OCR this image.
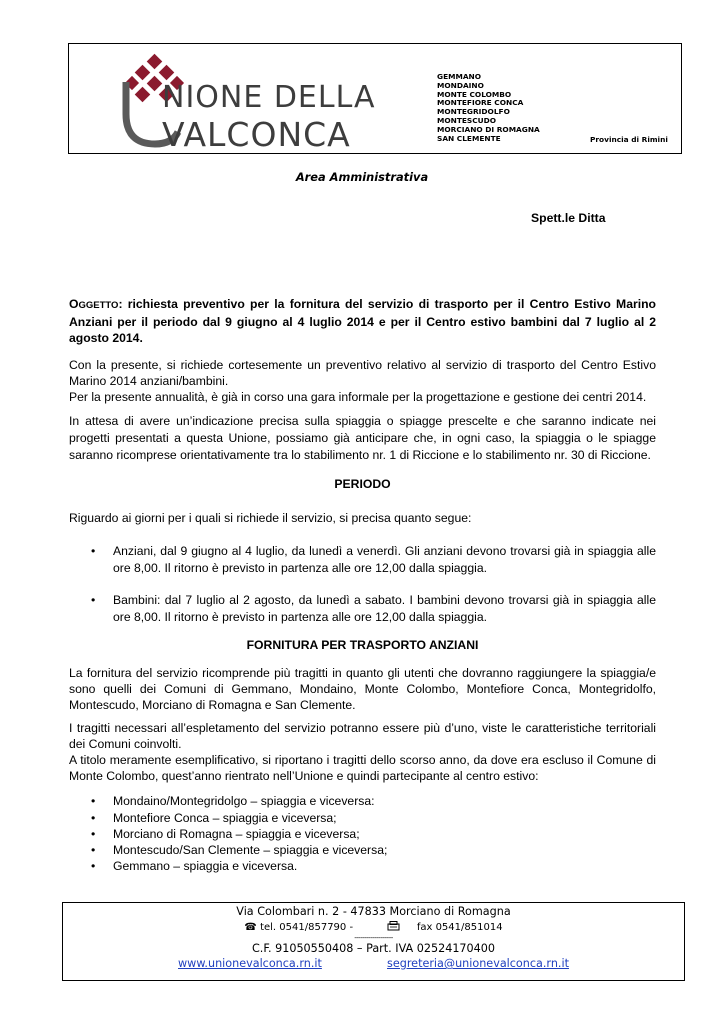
NIONE DELLA
VALCONCA
GEMMANO
MONDAINO
MONTE COLOMBO
MONTEFIORE CONCA
MONTEGRIDOLFO
MONTESCUDO
MORCIANO DI ROMAGNA
SAN CLEMENTE	Provincia di Rimini
Area Amministrativa
Spett.le Ditta
OGGETTO: richiesta preventivo per la fornitura del servizio di trasporto per il Centro Estivo Marino Anziani per il periodo dal 9 giugno al 4 luglio 2014 e per il Centro estivo bambini dal 7 luglio al 2 agosto 2014.
Con la presente, si richiede cortesemente un preventivo relativo al servizio di trasporto del Centro Estivo Marino 2014 anziani/bambini.
Per la presente annualità, è già in corso una gara informale per la progettazione e gestione dei centri 2014.
In attesa di avere un’indicazione precisa sulla spiaggia o spiagge prescelte e che saranno indicate nei progetti presentati a questa Unione, possiamo già anticipare che, in ogni caso, la spiaggia o le spiagge saranno ricomprese orientativamente tra lo stabilimento nr. 1 di Riccione e lo stabilimento nr. 30 di Riccione.
PERIODO
Riguardo ai giorni per i quali si richiede il servizio, si precisa quanto segue:
• Anziani, dal 9 giugno al 4 luglio, da lunedì a venerdì. Gli anziani devono trovarsi già in spiaggia alle ore 8,00. Il ritorno è previsto in partenza alle ore 12,00 dalla spiaggia.
• Bambini: dal 7 luglio al 2 agosto, da lunedì a sabato. I bambini devono trovarsi già in spiaggia alle ore 8,00. Il ritorno è previsto in partenza alle ore 12,00 dalla spiaggia.
FORNITURA PER TRASPORTO ANZIANI
La fornitura del servizio ricomprende più tragitti in quanto gli utenti che dovranno raggiungere la spiaggia/e sono quelli dei Comuni di Gemmano, Mondaino, Monte Colombo, Montefiore Conca, Montegridolfo, Montescudo, Morciano di Romagna e San Clemente.
I tragitti necessari all’espletamento del servizio potranno essere più d’uno, viste le caratteristiche territoriali dei Comuni coinvolti.
A titolo meramente esemplificativo, si riportano i tragitti dello scorso anno, da dove era escluso il Comune di Monte Colombo, quest’anno rientrato nell’Unione e quindi partecipante al centro estivo:
• Mondaino/Montegridolgo – spiaggia e viceversa:
• Montefiore Conca – spiaggia e viceversa;
• Morciano di Romagna – spiaggia e viceversa;
• Montescudo/San Clemente – spiaggia e viceversa;
• Gemmano – spiaggia e viceversa.
Via Colombari n. 2 - 47833 Morciano di Romagna
☎ tel. 0541/857790 -	fax 0541/851014
-------------------
C.F. 91050550408 – Part. IVA 02524170400
www.unionevalconca.rn.it	segreteria@unionevalconca.rn.it
